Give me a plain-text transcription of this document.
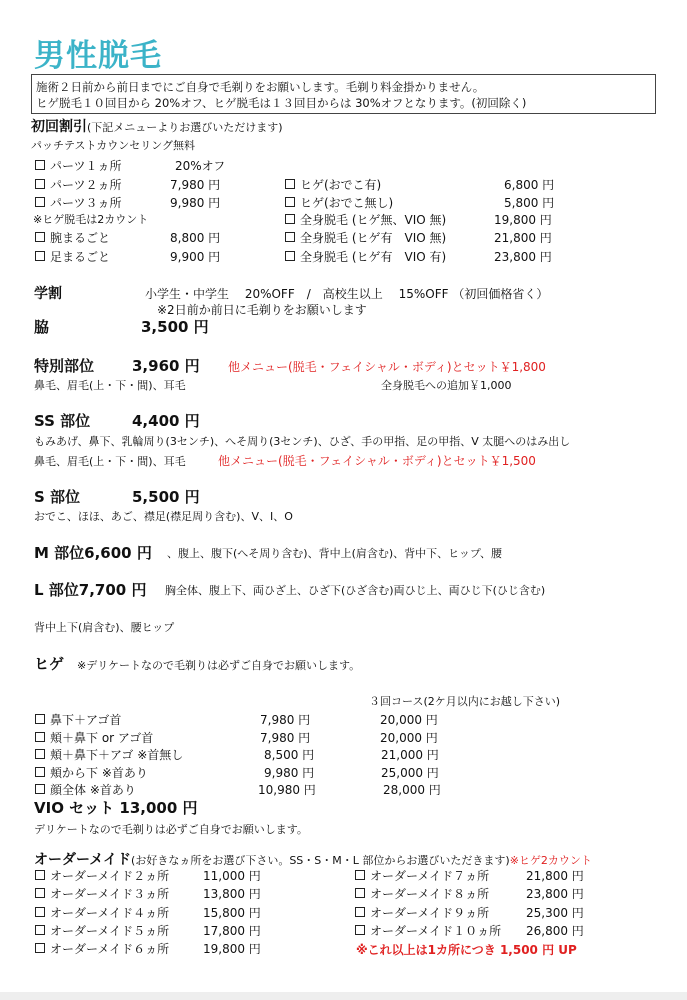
男性脱毛
施術２日前から前日までにご自身で毛剃りをお願いします。毛剃り料金掛かりません。
ヒゲ脱毛１０回目から 20%オフ、ヒゲ脱毛は１３回目からは 30%オフとなります。(初回除く)
初回割引(下記メニューよりお選びいただけます)
パッチテストカウンセリング無料
パーツ１ヵ所	20%オフ
パーツ２ヵ所	7,980 円
パーツ３ヵ所	9,980 円
※ヒゲ脱毛は2カウント
腕まるごと	8,800 円
足まるごと	9,900 円
ヒゲ(おでこ有)	6,800 円
ヒゲ(おでこ無し)	5,800 円
全身脱毛 (ヒゲ無、VIO 無)	19,800 円
全身脱毛 (ヒゲ有　VIO 無)	21,800 円
全身脱毛 (ヒゲ有　VIO 有)	23,800 円
学割	小学生・中学生　 20%OFF　/　高校生以上　 15%OFF （初回価格省く）
※2日前か前日に毛剃りをお願いします
脇	3,500 円
特別部位	3,960 円 他メニュー(脱毛・フェイシャル・ボディ)とセット￥1,800
鼻毛、眉毛(上・下・間)、耳毛	全身脱毛への追加￥1,000
SS 部位	4,400 円
もみあげ、鼻下、乳輪周り(3センチ)、へそ周り(3センチ)、ひざ、手の甲指、足の甲指、V 太腿へのはみ出し
鼻毛、眉毛(上・下・間)、耳毛	他メニュー(脱毛・フェイシャル・ボディ)とセット￥1,500
S 部位	5,500 円
おでこ、ほほ、あご、襟足(襟足周り含む)、V、I、O
M 部位6,600 円 、腹上、腹下(へそ周り含む)、背中上(肩含む)、背中下、ヒップ、腰
L 部位7,700 円 胸全体、腹上下、両ひざ上、ひざ下(ひざ含む)両ひじ上、両ひじ下(ひじ含む)
背中上下(肩含む)、腰ヒップ
ヒゲ ※デリケートなので毛剃りは必ずご自身でお願いします。
３回コース(2ケ月以内にお越し下さい)
鼻下＋アゴ首	7,980 円	20,000 円
頬＋鼻下 or アゴ首	7,980 円	20,000 円
頬＋鼻下＋アゴ ※首無し	8,500 円	21,000 円
頬から下 ※首あり	9,980 円	25,000 円
顔全体 ※首あり	10,980 円	28,000 円
VIO セット 13,000 円
デリケートなので毛剃りは必ずご自身でお願いします。
オーダーメイド(お好きなヵ所をお選び下さい。SS・S・M・L 部位からお選びいただきます)※ヒゲ2カウント
オーダーメイド２ヵ所	11,000 円
オーダーメイド３ヵ所	13,800 円
オーダーメイド４ヵ所	15,800 円
オーダーメイド５ヵ所	17,800 円
オーダーメイド６ヵ所	19,800 円
オーダーメイド７ヵ所	21,800 円
オーダーメイド８ヵ所	23,800 円
オーダーメイド９ヵ所	25,300 円
オーダーメイド１０ヵ所 26,800 円
※これ以上は1カ所につき 1,500 円 UP
